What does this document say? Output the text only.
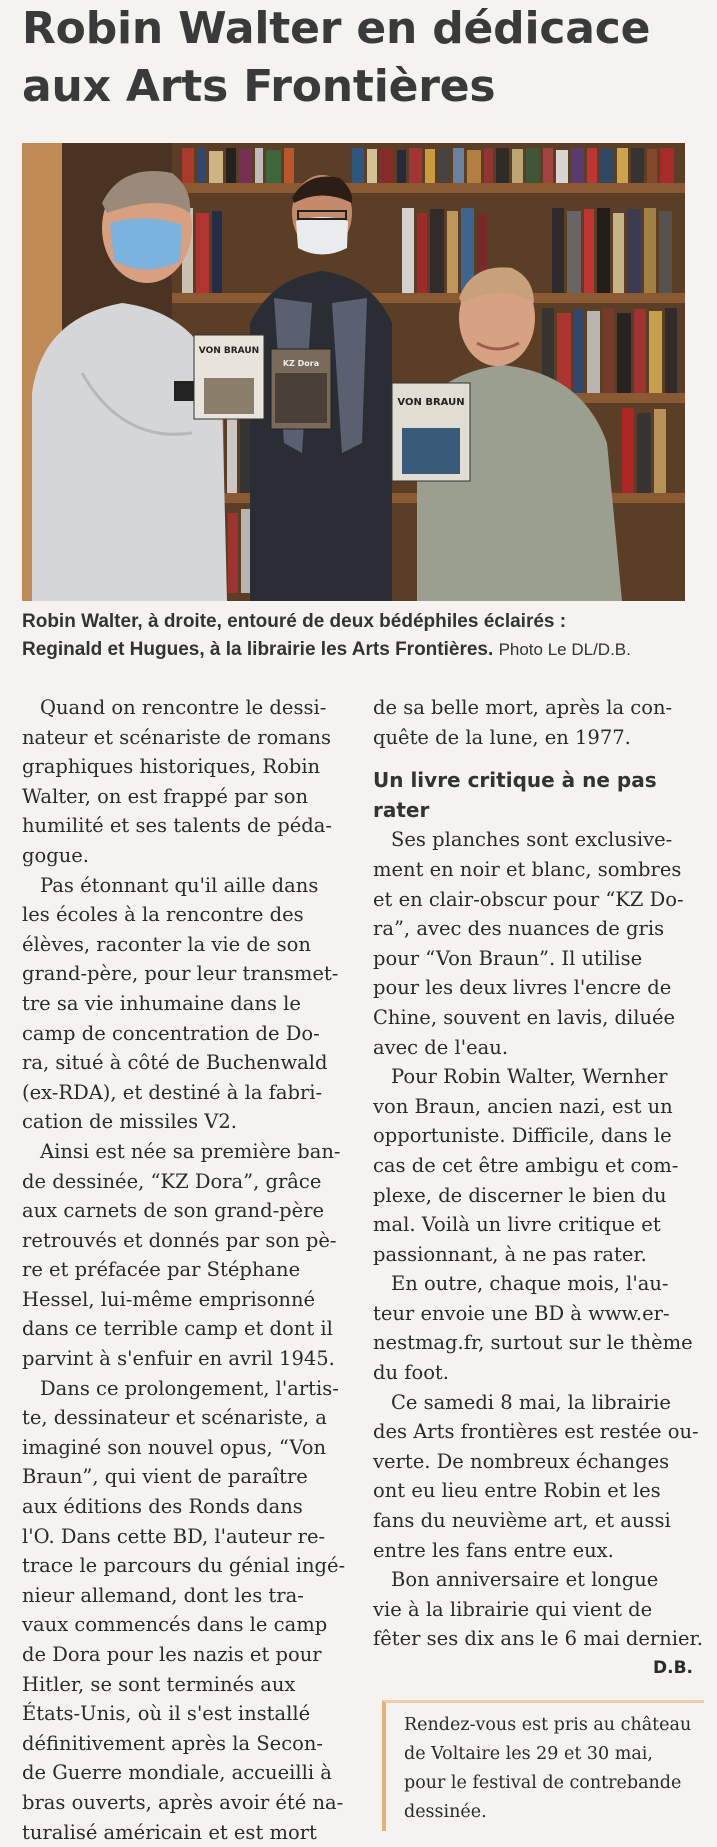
Robin Walter en dédicace
aux Arts Frontières
VON BRAUN
KZ Dora
VON BRAUN
Robin Walter, à droite, entouré de deux bédéphiles éclairés :
Reginald et Hugues, à la librairie les Arts Frontières. Photo Le DL/D.B.
Quand on rencontre le dessi-
nateur et scénariste de romans
graphiques historiques, Robin
Walter, on est frappé par son
humilité et ses talents de péda-
gogue.
Pas étonnant qu'il aille dans
les écoles à la rencontre des
élèves, raconter la vie de son
grand-père, pour leur transmet-
tre sa vie inhumaine dans le
camp de concentration de Do-
ra, situé à côté de Buchenwald
(ex-RDA), et destiné à la fabri-
cation de missiles V2.
Ainsi est née sa première ban-
de dessinée, “KZ Dora”, grâce
aux carnets de son grand-père
retrouvés et donnés par son pè-
re et préfacée par Stéphane
Hessel, lui-même emprisonné
dans ce terrible camp et dont il
parvint à s'enfuir en avril 1945.
Dans ce prolongement, l'artis-
te, dessinateur et scénariste, a
imaginé son nouvel opus, “Von
Braun”, qui vient de paraître
aux éditions des Ronds dans
l'O. Dans cette BD, l'auteur re-
trace le parcours du génial ingé-
nieur allemand, dont les tra-
vaux commencés dans le camp
de Dora pour les nazis et pour
Hitler, se sont terminés aux
États-Unis, où il s'est installé
définitivement après la Secon-
de Guerre mondiale, accueilli à
bras ouverts, après avoir été na-
turalisé américain et est mort
de sa belle mort, après la con-
quête de la lune, en 1977.
Un livre critique à ne pas
rater
Ses planches sont exclusive-
ment en noir et blanc, sombres
et en clair-obscur pour “KZ Do-
ra”, avec des nuances de gris
pour “Von Braun”. Il utilise
pour les deux livres l'encre de
Chine, souvent en lavis, diluée
avec de l'eau.
Pour Robin Walter, Wernher
von Braun, ancien nazi, est un
opportuniste. Difficile, dans le
cas de cet être ambigu et com-
plexe, de discerner le bien du
mal. Voilà un livre critique et
passionnant, à ne pas rater.
En outre, chaque mois, l'au-
teur envoie une BD à www.er-
nestmag.fr, surtout sur le thème
du foot.
Ce samedi 8 mai, la librairie
des Arts frontières est restée ou-
verte. De nombreux échanges
ont eu lieu entre Robin et les
fans du neuvième art, et aussi
entre les fans entre eux.
Bon anniversaire et longue
vie à la librairie qui vient de
fêter ses dix ans le 6 mai dernier.
D.B.
Rendez-vous est pris au château
de Voltaire les 29 et 30 mai,
pour le festival de contrebande
dessinée.
